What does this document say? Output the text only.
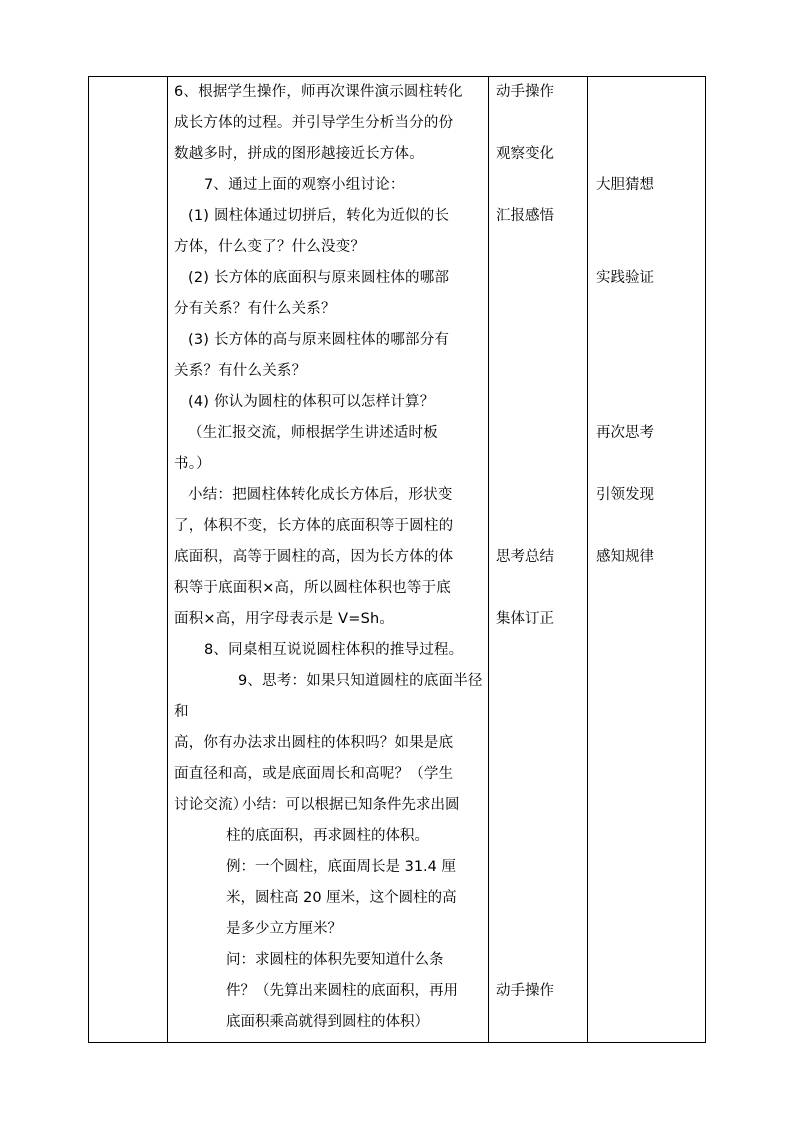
6、根据学生操作，师再次课件演示圆柱转化

成长方体的过程。并引导学生分析当分的份

数越多时，拼成的图形越接近长方体。

7、通过上面的观察小组讨论：

(1) 圆柱体通过切拼后，转化为近似的长

方体，什么变了？什么没变？

(2) 长方体的底面积与原来圆柱体的哪部

分有关系？有什么关系？

(3) 长方体的高与原来圆柱体的哪部分有

关系？有什么关系？

(4) 你认为圆柱的体积可以怎样计算？

（生汇报交流，师根据学生讲述适时板

书。）

小结：把圆柱体转化成长方体后，形状变

了，体积不变，长方体的底面积等于圆柱的

底面积，高等于圆柱的高，因为长方体的体

积等于底面积×高，所以圆柱体积也等于底

面积×高，用字母表示是 V=Sh。

8、同桌相互说说圆柱体积的推导过程。

9、思考：如果只知道圆柱的底面半径和

高，你有办法求出圆柱的体积吗？如果是底

面直径和高，或是底面周长和高呢？（学生

讨论交流）

小结：可以根据已知条件先求出圆

柱的底面积，再求圆柱的体积。

例：一个圆柱，底面周长是 31.4 厘

米，圆柱高 20 厘米，这个圆柱的高

是多少立方厘米？

问：求圆柱的体积先要知道什么条

件？（先算出来圆柱的底面积，再用

底面积乘高就得到圆柱的体积）

动手操作
观察变化
汇报感悟
思考总结
集体订正
动手操作
大胆猜想
实践验证
再次思考
引领发现
感知规律
